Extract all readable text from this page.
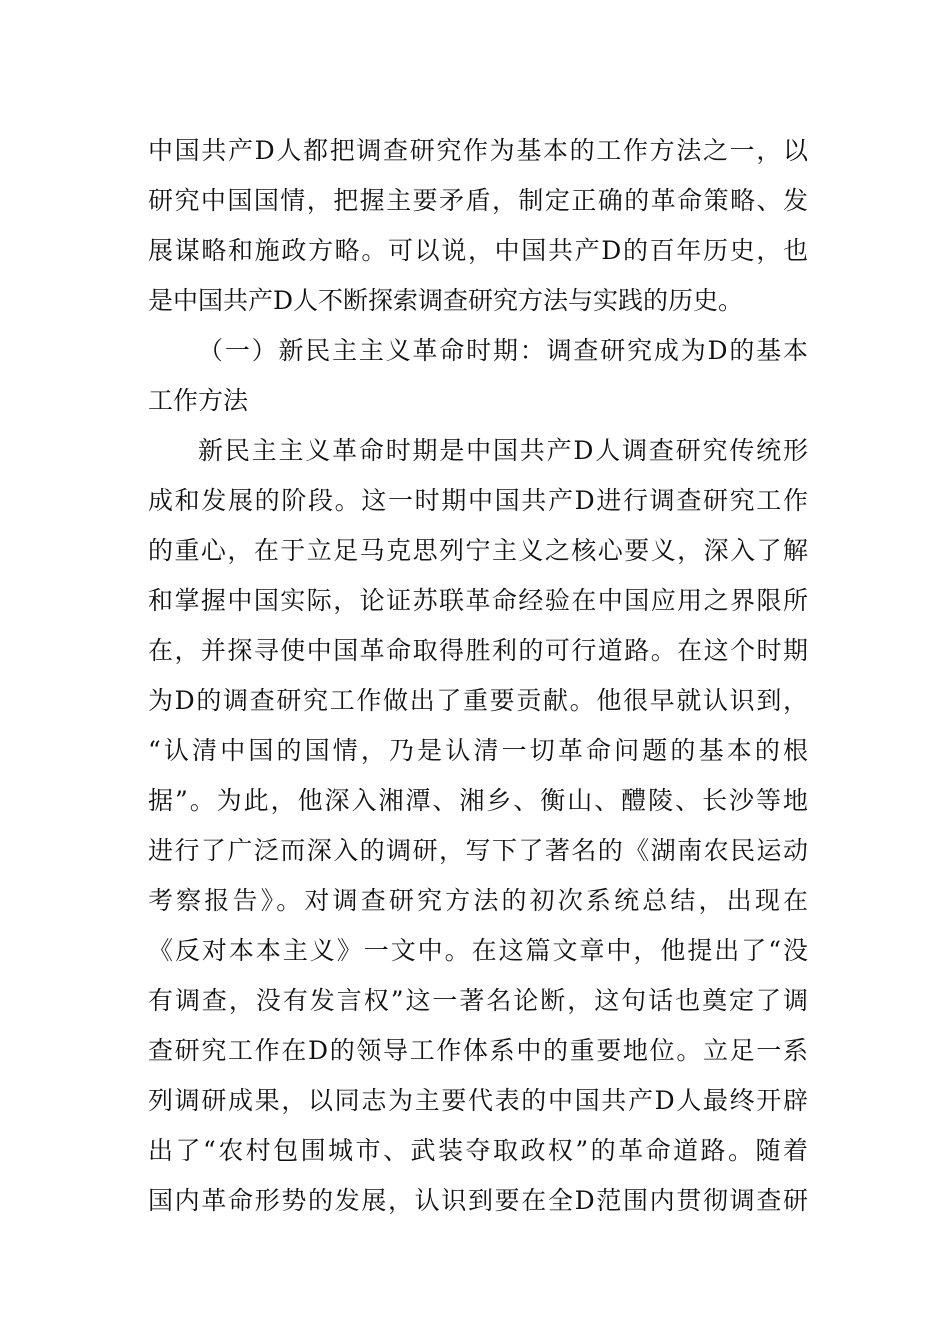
中国共产D人都把调查研究作为基本的工作方法之一，以
研究中国国情，把握主要矛盾，制定正确的革命策略、发
展谋略和施政方略。可以说，中国共产D的百年历史，也
是中国共产D人不断探索调查研究方法与实践的历史。
（一）新民主主义革命时期：调查研究成为D的基本
工作方法
新民主主义革命时期是中国共产D人调查研究传统形
成和发展的阶段。这一时期中国共产D进行调查研究工作
的重心，在于立足马克思列宁主义之核心要义，深入了解
和掌握中国实际，论证苏联革命经验在中国应用之界限所
在，并探寻使中国革命取得胜利的可行道路。在这个时期
为D的调查研究工作做出了重要贡献。他很早就认识到，
“认清中国的国情，乃是认清一切革命问题的基本的根
据”。为此，他深入湘潭、湘乡、衡山、醴陵、长沙等地
进行了广泛而深入的调研，写下了著名的《湖南农民运动
考察报告》。对调查研究方法的初次系统总结，出现在
《反对本本主义》一文中。在这篇文章中，他提出了“没
有调查，没有发言权”这一著名论断，这句话也奠定了调
查研究工作在D的领导工作体系中的重要地位。立足一系
列调研成果，以同志为主要代表的中国共产D人最终开辟
出了“农村包围城市、武装夺取政权”的革命道路。随着
国内革命形势的发展，认识到要在全D范围内贯彻调查研
